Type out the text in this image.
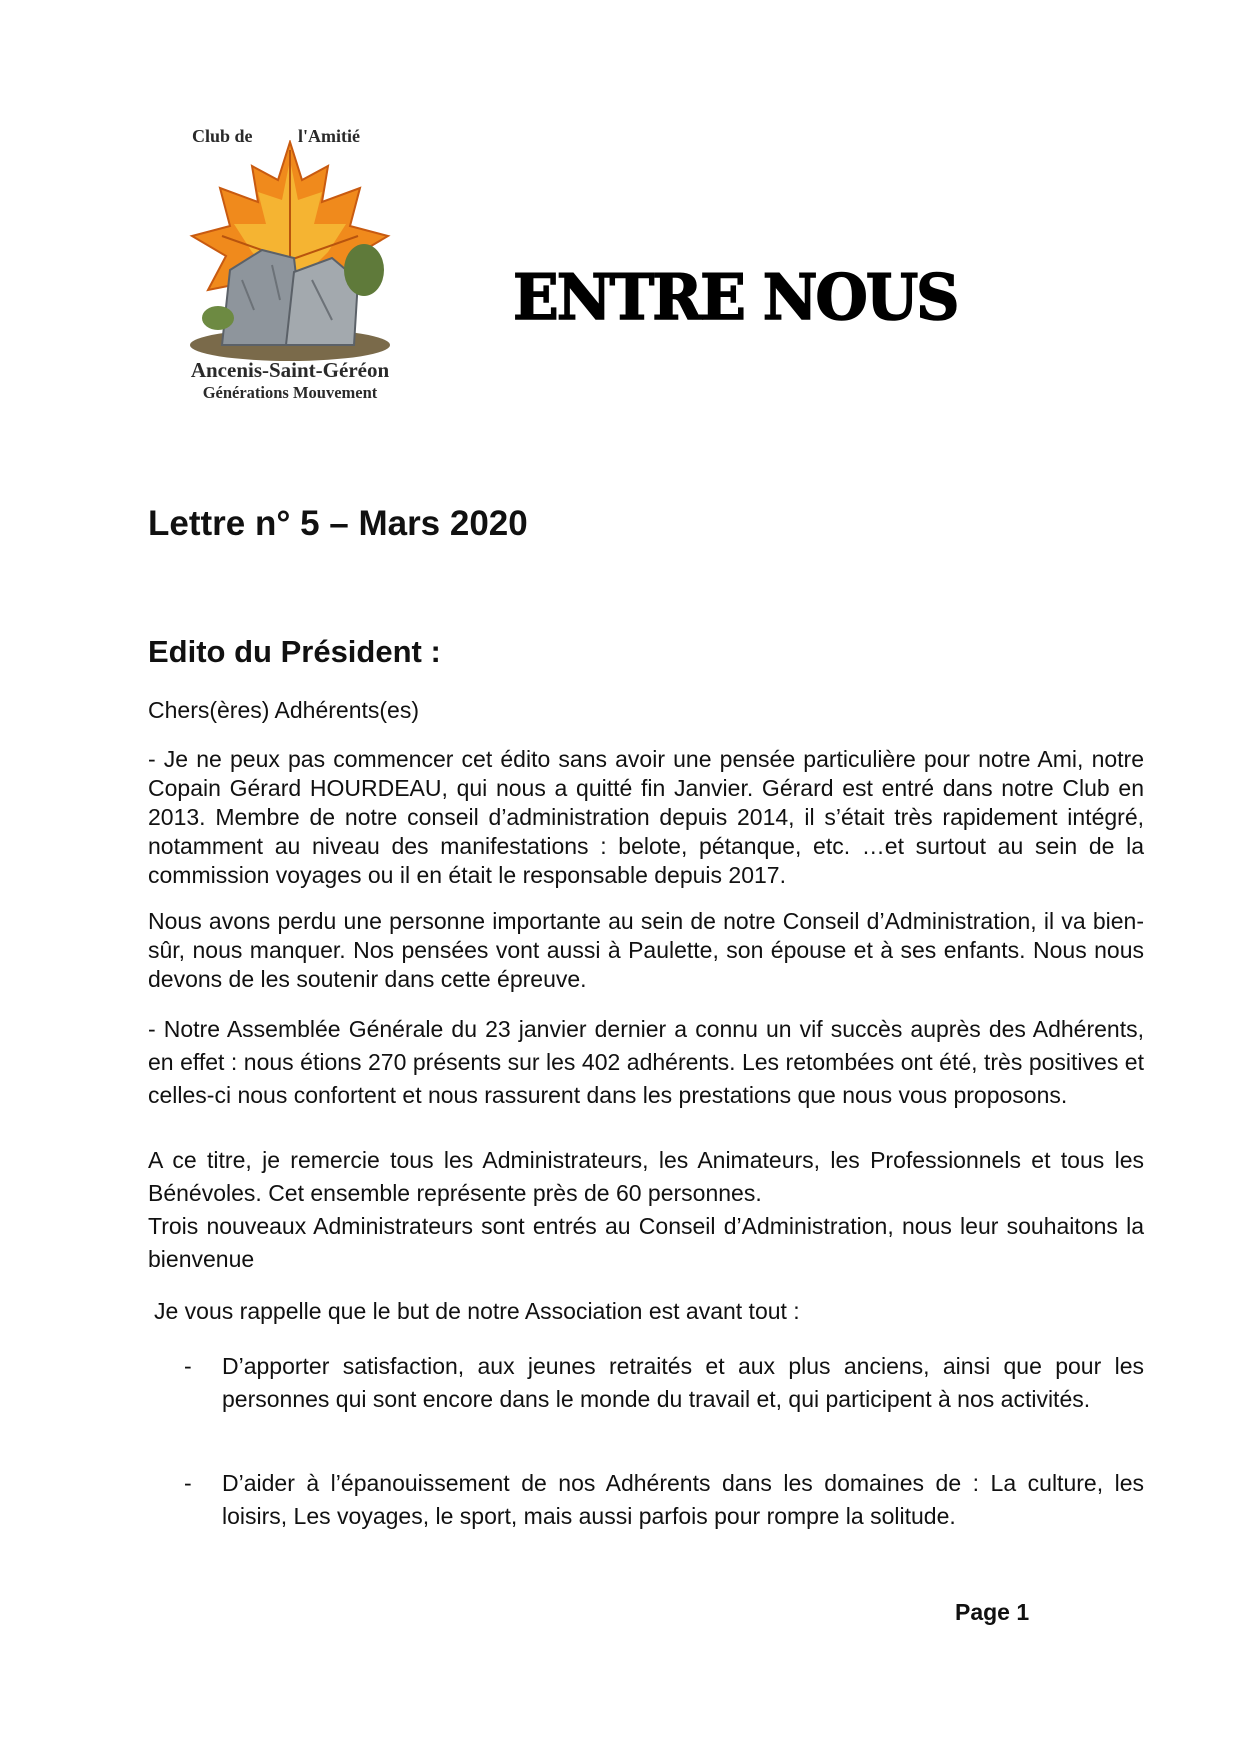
Club de	l'Amitié
Ancenis-Saint-Géréon
Générations Mouvement
ENTRE NOUS
Lettre n° 5 – Mars 2020
Edito du Président :

Chers(ères) Adhérents(es)

- Je ne peux pas commencer cet édito sans avoir une pensée particulière pour notre Ami, notre Copain Gérard HOURDEAU, qui nous a quitté fin Janvier. Gérard est entré dans notre Club en 2013. Membre de notre conseil d’administration depuis 2014, il s’était très rapidement intégré, notamment au niveau des manifestations : belote, pétanque, etc. …et surtout au sein de la commission voyages ou il en était le responsable depuis 2017.

Nous avons perdu une personne importante au sein de notre Conseil d’Administration, il va bien-sûr, nous manquer. Nos pensées vont aussi à Paulette, son épouse et à ses enfants. Nous nous devons de les soutenir dans cette épreuve.

- Notre Assemblée Générale du 23 janvier dernier a connu un vif succès auprès des Adhérents, en effet : nous étions 270 présents sur les 402 adhérents. Les retombées ont été, très positives et celles-ci nous confortent et nous rassurent dans les prestations que nous vous proposons.

A ce titre, je remercie tous les Administrateurs, les Animateurs, les Professionnels et tous les Bénévoles. Cet ensemble représente près de 60 personnes.

Trois nouveaux Administrateurs sont entrés au Conseil d’Administration, nous leur souhaitons la bienvenue

Je vous rappelle que le but de notre Association est avant tout :

- D’apporter satisfaction, aux jeunes retraités et aux plus anciens, ainsi que pour les personnes qui sont encore dans le monde du travail et, qui participent à nos activités.

- D’aider à l’épanouissement de nos Adhérents dans les domaines de : La culture, les loisirs, Les voyages, le sport, mais aussi parfois pour rompre la solitude.

Page 1
